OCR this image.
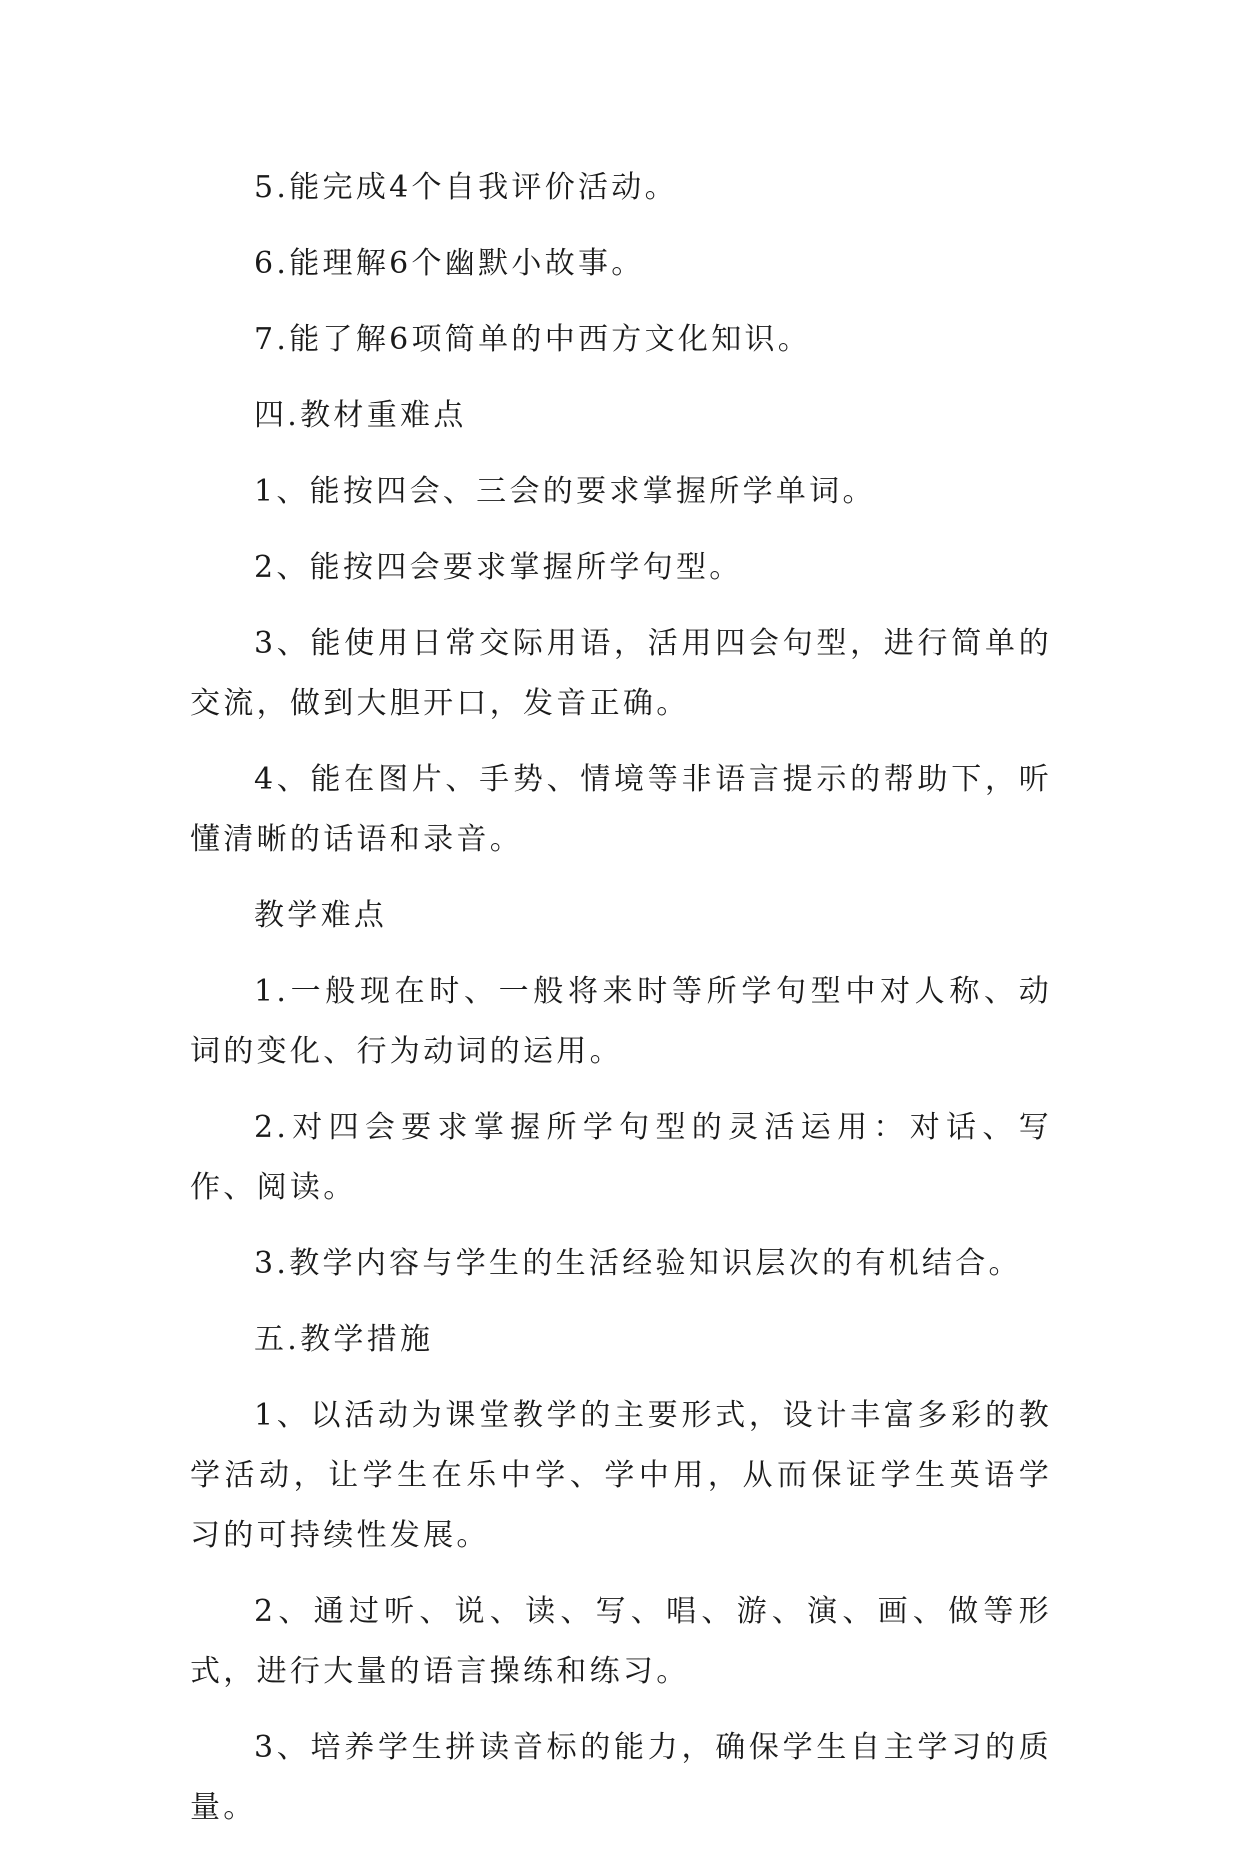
5.能完成4个自我评价活动。

6.能理解6个幽默小故事。

7.能了解6项简单的中西方文化知识。

四.教材重难点

1、能按四会、三会的要求掌握所学单词。

2、能按四会要求掌握所学句型。

3、能使用日常交际用语，活用四会句型，进行简单的交流，做到大胆开口，发音正确。

4、能在图片、手势、情境等非语言提示的帮助下，听懂清晰的话语和录音。

教学难点

1.一般现在时、一般将来时等所学句型中对人称、动词的变化、行为动词的运用。

2.对四会要求掌握所学句型的灵活运用：对话、写作、阅读。

3.教学内容与学生的生活经验知识层次的有机结合。

五.教学措施

1、以活动为课堂教学的主要形式，设计丰富多彩的教学活动，让学生在乐中学、学中用，从而保证学生英语学习的可持续性发展。

2、通过听、说、读、写、唱、游、演、画、做等形式，进行大量的语言操练和练习。

3、培养学生拼读音标的能力，确保学生自主学习的质量。
